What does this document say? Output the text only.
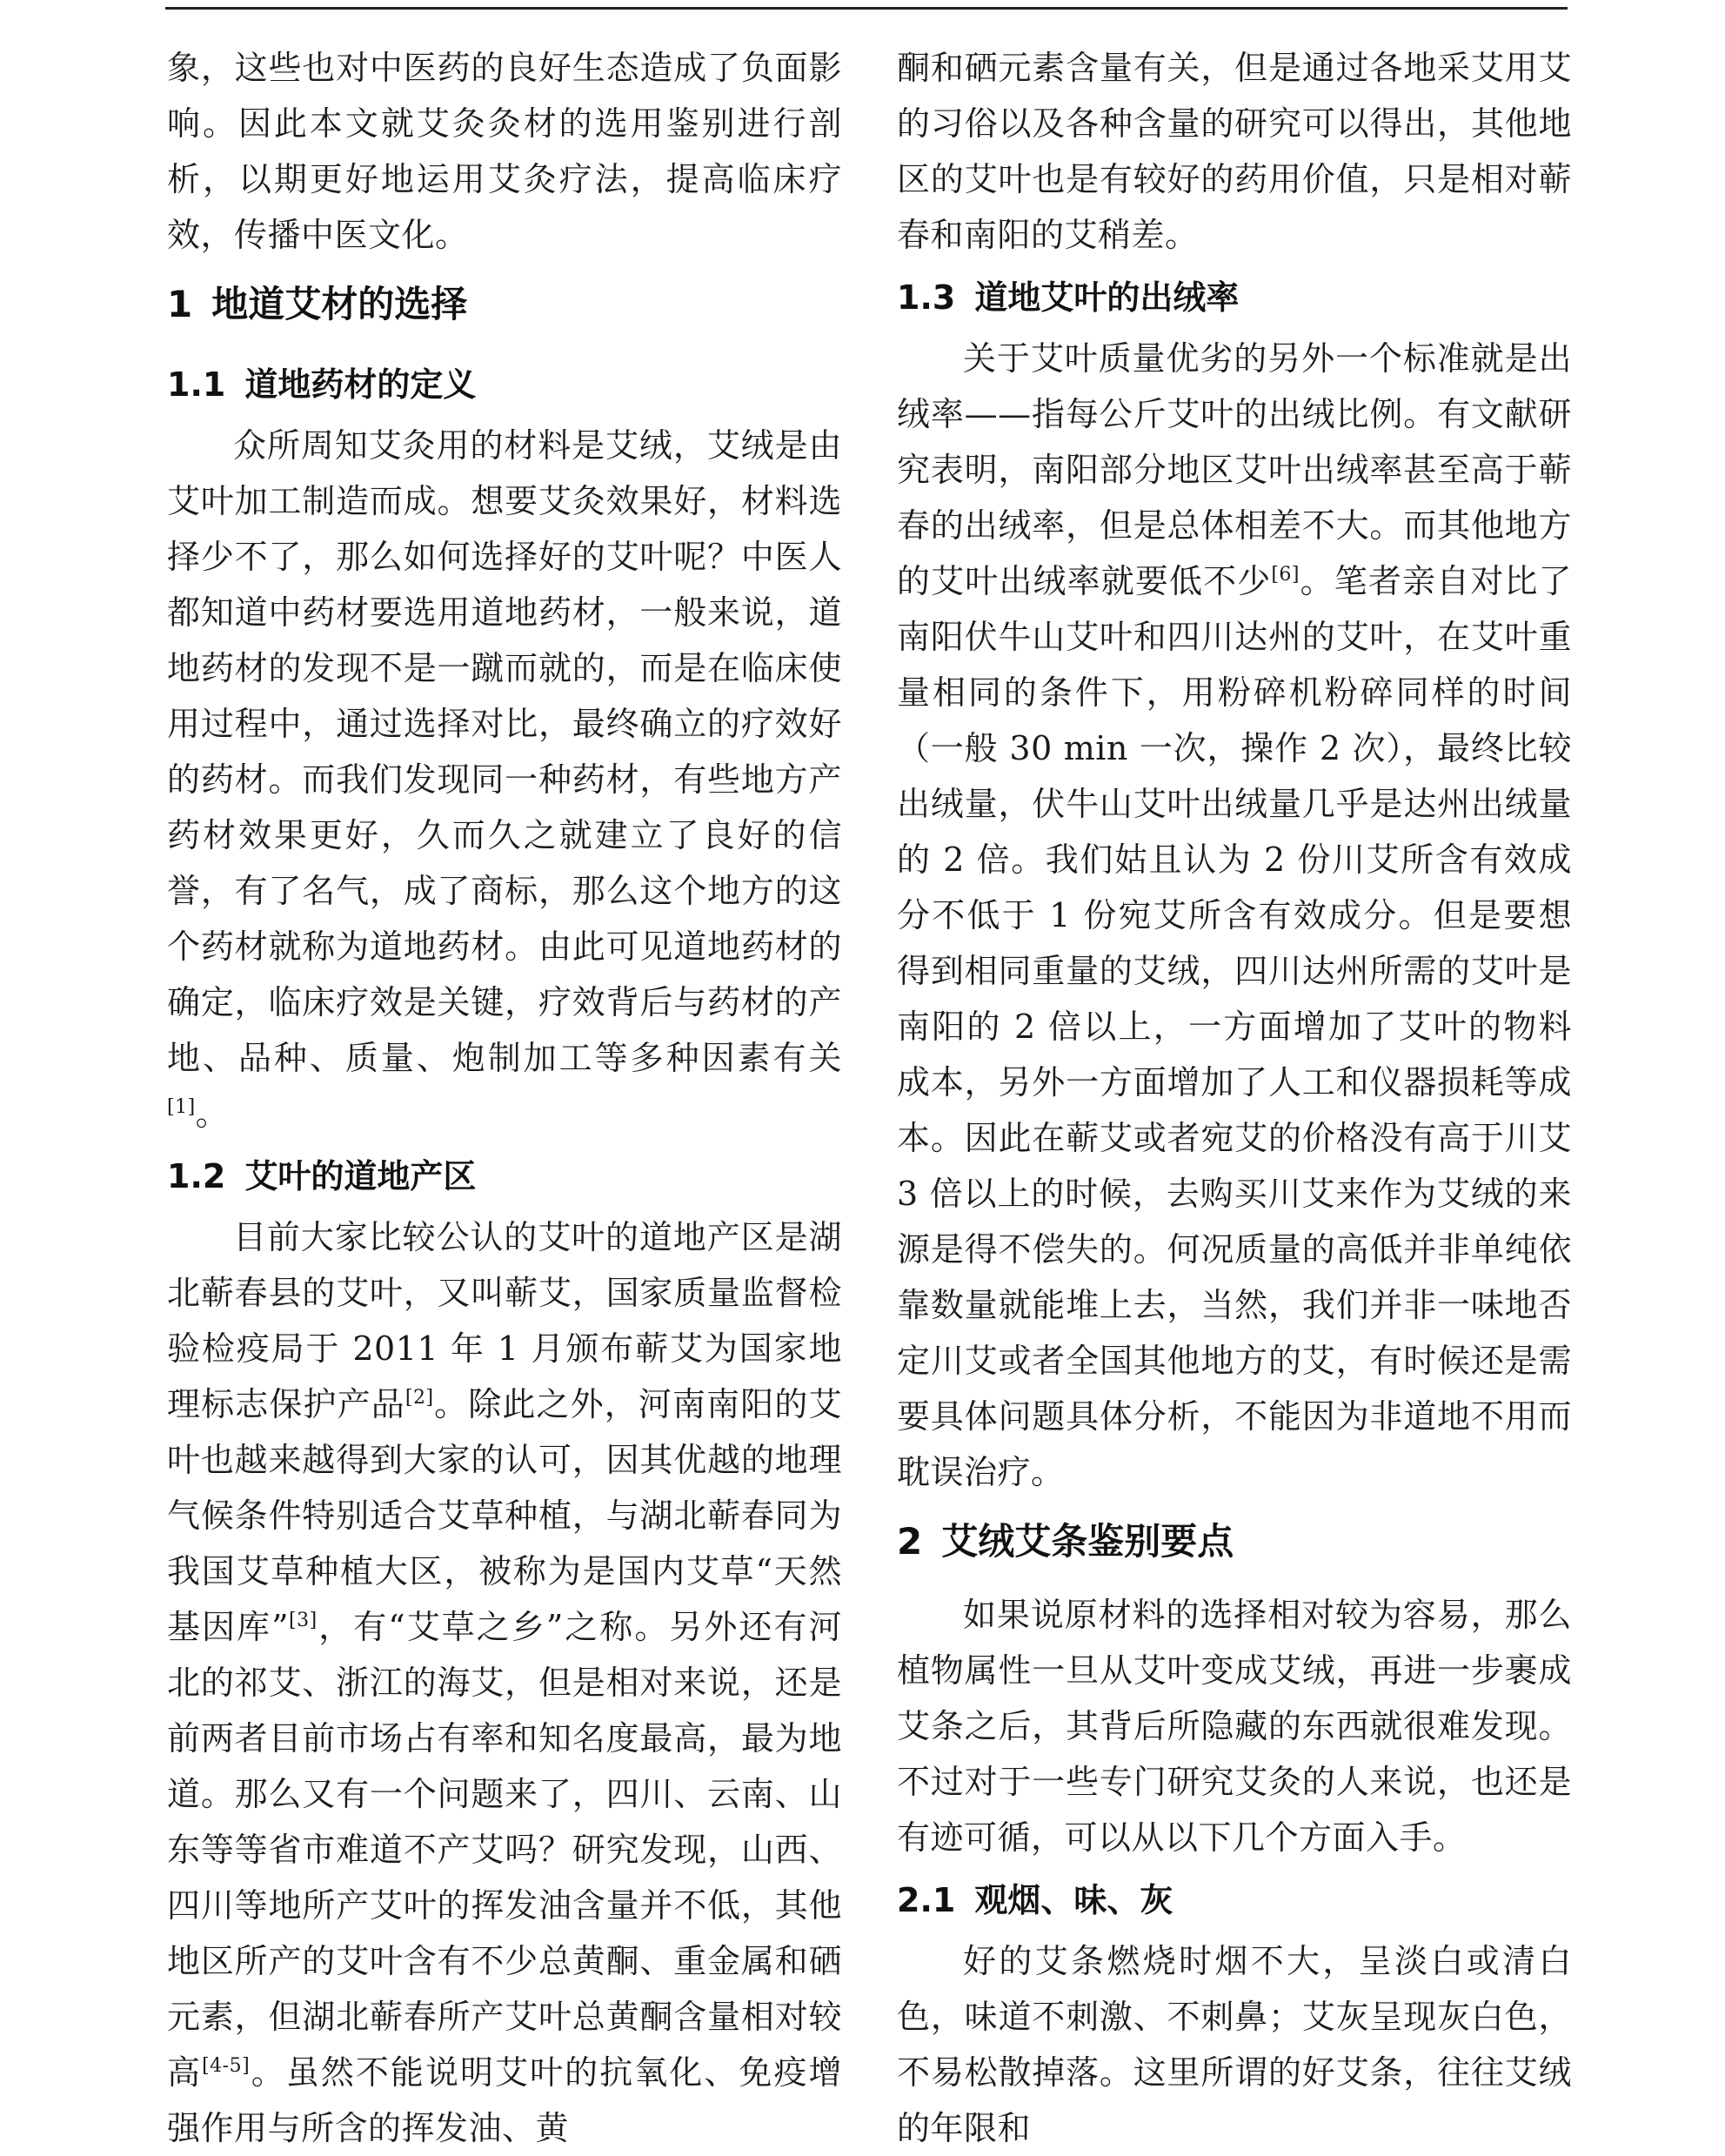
象，这些也对中医药的良好生态造成了负面影响。因此本文就艾灸灸材的选用鉴别进行剖析，以期更好地运用艾灸疗法，提高临床疗效，传播中医文化。

1 地道艾材的选择
1.1 道地药材的定义

众所周知艾灸用的材料是艾绒，艾绒是由艾叶加工制造而成。想要艾灸效果好，材料选择少不了，那么如何选择好的艾叶呢？中医人都知道中药材要选用道地药材，一般来说，道地药材的发现不是一蹴而就的，而是在临床使用过程中，通过选择对比，最终确立的疗效好的药材。而我们发现同一种药材，有些地方产药材效果更好，久而久之就建立了良好的信誉，有了名气，成了商标，那么这个地方的这个药材就称为道地药材。由此可见道地药材的确定，临床疗效是关键，疗效背后与药材的产地、品种、质量、炮制加工等多种因素有关[1]。

1.2 艾叶的道地产区

目前大家比较公认的艾叶的道地产区是湖北蕲春县的艾叶，又叫蕲艾，国家质量监督检验检疫局于 2011 年 1 月颁布蕲艾为国家地理标志保护产品[2]。除此之外，河南南阳的艾叶也越来越得到大家的认可，因其优越的地理气候条件特别适合艾草种植，与湖北蕲春同为我国艾草种植大区，被称为是国内艾草“天然基因库”[3]，有“艾草之乡”之称。另外还有河北的祁艾、浙江的海艾，但是相对来说，还是前两者目前市场占有率和知名度最高，最为地道。那么又有一个问题来了，四川、云南、山东等等省市难道不产艾吗？研究发现，山西、四川等地所产艾叶的挥发油含量并不低，其他地区所产的艾叶含有不少总黄酮、重金属和硒元素，但湖北蕲春所产艾叶总黄酮含量相对较高[4-5]。虽然不能说明艾叶的抗氧化、免疫增强作用与所含的挥发油、黄

酮和硒元素含量有关，但是通过各地采艾用艾的习俗以及各种含量的研究可以得出，其他地区的艾叶也是有较好的药用价值，只是相对蕲春和南阳的艾稍差。

1.3 道地艾叶的出绒率

关于艾叶质量优劣的另外一个标准就是出绒率——指每公斤艾叶的出绒比例。有文献研究表明，南阳部分地区艾叶出绒率甚至高于蕲春的出绒率，但是总体相差不大。而其他地方的艾叶出绒率就要低不少[6]。笔者亲自对比了南阳伏牛山艾叶和四川达州的艾叶，在艾叶重量相同的条件下，用粉碎机粉碎同样的时间（一般 30 min 一次，操作 2 次），最终比较出绒量，伏牛山艾叶出绒量几乎是达州出绒量的 2 倍。我们姑且认为 2 份川艾所含有效成分不低于 1 份宛艾所含有效成分。但是要想得到相同重量的艾绒，四川达州所需的艾叶是南阳的 2 倍以上，一方面增加了艾叶的物料成本，另外一方面增加了人工和仪器损耗等成本。因此在蕲艾或者宛艾的价格没有高于川艾 3 倍以上的时候，去购买川艾来作为艾绒的来源是得不偿失的。何况质量的高低并非单纯依靠数量就能堆上去，当然，我们并非一味地否定川艾或者全国其他地方的艾，有时候还是需要具体问题具体分析，不能因为非道地不用而耽误治疗。

2 艾绒艾条鉴别要点

如果说原材料的选择相对较为容易，那么植物属性一旦从艾叶变成艾绒，再进一步裹成艾条之后，其背后所隐藏的东西就很难发现。不过对于一些专门研究艾灸的人来说，也还是有迹可循，可以从以下几个方面入手。

2.1 观烟、味、灰

好的艾条燃烧时烟不大，呈淡白或清白色，味道不刺激、不刺鼻；艾灰呈现灰白色，不易松散掉落。这里所谓的好艾条，往往艾绒的年限和
